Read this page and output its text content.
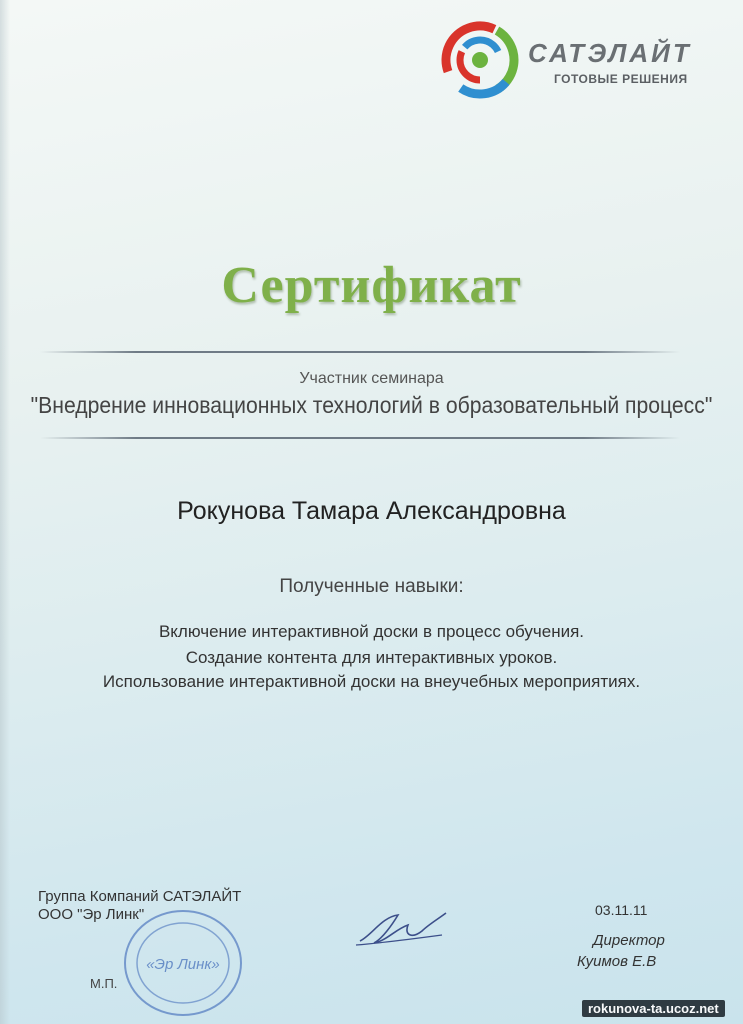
САТЭЛАЙТ
ГОТОВЫЕ РЕШЕНИЯ
Сертификат
Участник семинара
"Внедрение инновационных технологий в образовательный процесс"
Рокунова Тамара Александровна
Полученные навыки:
Включение интерактивной доски в процесс обучения.
Создание контента для интерактивных уроков.
Использование интерактивной доски на внеучебных мероприятиях.
Группа Компаний САТЭЛАЙТ
ООО "Эр Линк"
«Эр Линк»
М.П.
03.11.11
Директор
Куимов Е.В
rokunova-ta.ucoz.net
